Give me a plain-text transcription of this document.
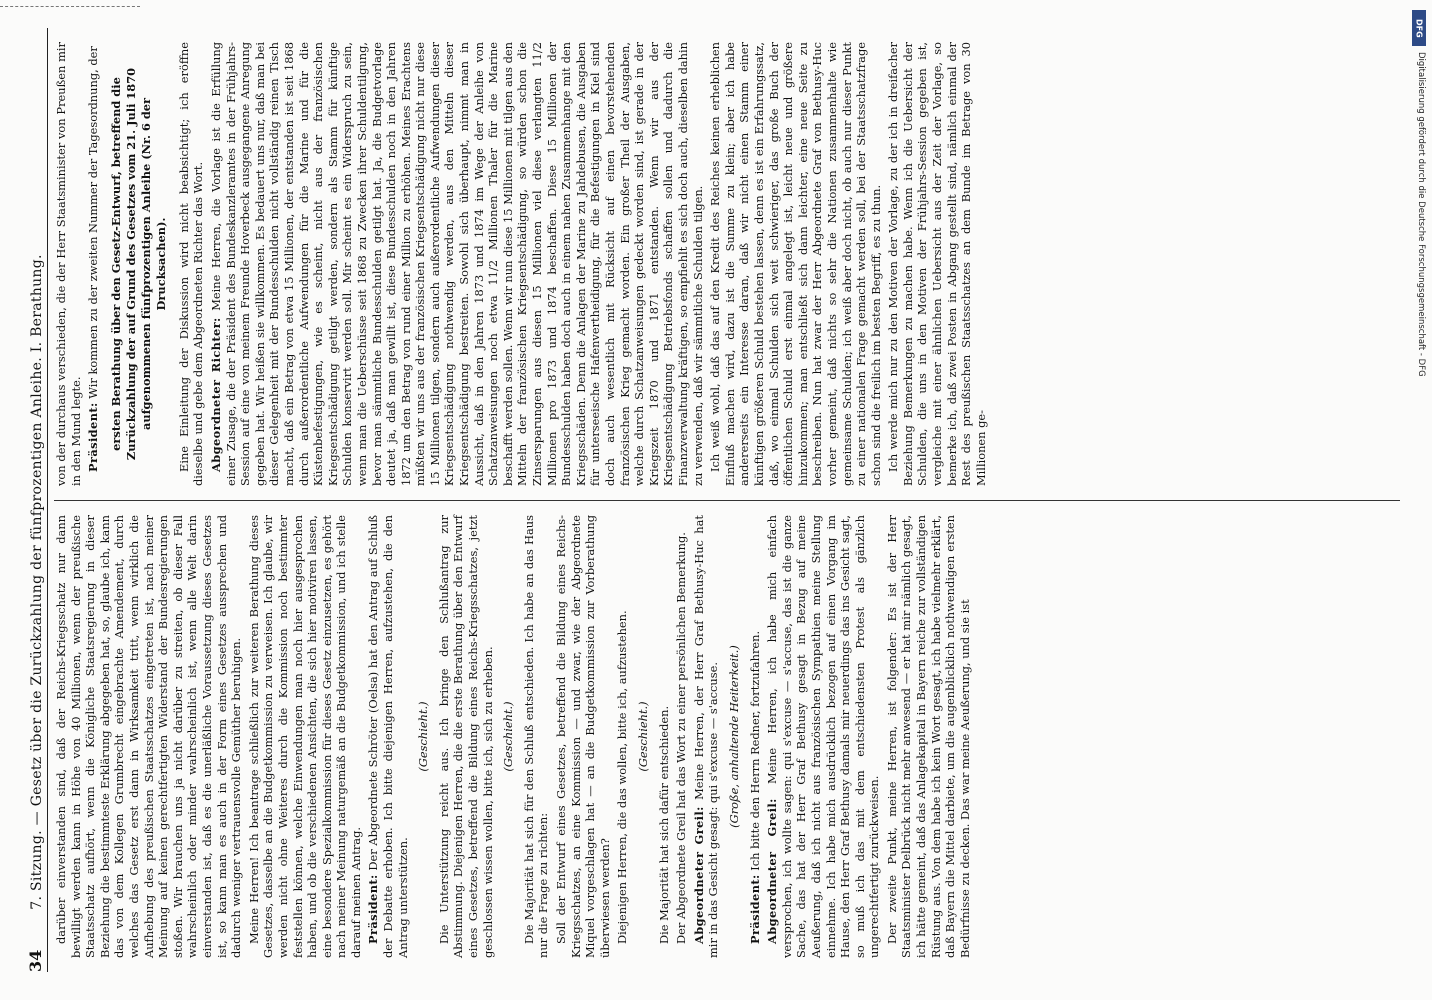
34
7. Sitzung. — Gesetz über die Zurückzahlung der fünfprozentigen Anleihe. I. Berathung. darüber einverstanden sind, daß der Reichs-Kriegsschatz nur dann bewilligt werden kann in Höhe von 40 Millionen, wenn der preußische Staatsschatz aufhört, wenn die Königliche Staatsregierung in dieser Beziehung die bestimmteste Erklärung abgegeben hat, so, glaube ich, kann das von dem Kollegen Grumbrecht eingebrachte Amendement, durch welches das Gesetz erst dann in Wirksamkeit tritt, wenn wirklich die Aufhebung des preußischen Staatsschatzes eingetreten ist, nach meiner Meinung auf keinen gerechtfertigten Widerstand der Bundesregierungen stoßen. Wir brauchen uns ja nicht darüber zu streiten, ob dieser Fall wahrscheinlich oder minder wahrscheinlich ist, wenn alle Welt darin einverstanden ist, daß es die unerläßliche Voraussetzung dieses Gesetzes ist, so kann man es auch in der Form eines Gesetzes aussprechen und dadurch weniger vertrauensvolle Gemüther beruhigen. Meine Herren! Ich beantrage schließlich zur weiteren Berathung dieses Gesetzes, dasselbe an die Budgetkommission zu verweisen. Ich glaube, wir werden nicht ohne Weiteres durch die Kommission noch bestimmter feststellen können, welche Einwendungen man noch hier ausgesprochen haben, und ob die verschiedenen Ansichten, die sich hier motiviren lassen, eine besondere Spezialkommission für dieses Gesetz einzusetzen, es gehört nach meiner Meinung naturgemäß an die Budgetkommission, und ich stelle darauf meinen Antrag. Präsident: Der Abgeordnete Schröter (Oelsa) hat den Antrag auf Schluß der Debatte erhoben. Ich bitte diejenigen Herren, aufzustehen, die den Antrag unterstützen.

(Geschieht.) Die Unterstützung reicht aus. Ich bringe den Schlußantrag zur Abstimmung. Diejenigen Herren, die die erste Berathung über den Entwurf eines Gesetzes, betreffend die Bildung eines Reichs-Kriegsschatzes, jetzt geschlossen wissen wollen, bitte ich, sich zu erheben. (Geschieht.) Die Majorität hat sich für den Schluß entschieden. Ich habe an das Haus nur die Frage zu richten: Soll der Entwurf eines Gesetzes, betreffend die Bildung eines Reichs-Kriegsschatzes, an eine Kommission — und zwar, wie der Abgeordnete Miquel vorgeschlagen hat — an die Budgetkommission zur Vorberathung überwiesen werden? Diejenigen Herren, die das wollen, bitte ich, aufzustehen. (Geschieht.) Die Majorität hat sich dafür entschieden. Der Abgeordnete Greil hat das Wort zu einer persönlichen Bemerkung. Abgeordneter Greil: Meine Herren, der Herr Graf Bethusy-Huc hat mir in das Gesicht gesagt: qui s'excuse — s'accuse. (Große, anhaltende Heiterkeit.)

Präsident: Ich bitte den Herrn Redner, fortzufahren. Abgeordneter Greil: Meine Herren, ich habe mich einfach versprochen, ich wollte sagen: qui s'excuse — s'accuse, das ist die ganze Sache, das hat der Herr Graf Bethusy gesagt in Bezug auf meine Aeußerung, daß ich nicht aus französischen Sympathien meine Stellung einnehme. Ich habe mich ausdrücklich bezogen auf einen Vorgang im Hause, den Herr Graf Bethusy damals mir neuerdings das ins Gesicht sagt, so muß ich das mit dem entschiedensten Protest als gänzlich ungerechtfertigt zurückweisen. Der zweite Punkt, meine Herren, ist folgender: Es ist der Herr Staatsminister Delbrück nicht mehr anwesend — er hat mir nämlich gesagt, ich hätte gemeint, daß das Anlagekapital in Bayern reiche zur vollständigen Rüstung aus. Von dem habe ich kein Wort gesagt, ich habe vielmehr erklärt, daß Bayern die Mittel darbiete, um die augenblicklich nothwendigen ersten Bedürfnisse zu decken. Das war meine Aeußerung, und sie ist

von der durchaus verschieden, die der Herr Staatsminister von Preußen mir in den Mund legte. Präsident: Wir kommen zu der zweiten Nummer der Tagesordnung, der ersten Berathung über den Gesetz-Entwurf, betreffend die Zurückzahlung der auf Grund des Gesetzes vom 21. Juli 1870 aufgenommenen fünfprozentigen Anleihe (Nr. 6 der Drucksachen). Eine Einleitung der Diskussion wird nicht beabsichtigt; ich eröffne dieselbe und gebe dem Abgeordneten Richter das Wort. Abgeordneter Richter: Meine Herren, die Vorlage ist die Erfüllung einer Zusage, die der Präsident des Bundeskanzleramtes in der Frühjahrs-Session auf eine von meinem Freunde Hoverbeck ausgegangene Anregung gegeben hat. Wir heißen sie willkommen. Es bedauert uns nur, daß man bei dieser Gelegenheit mit der Bundesschulden nicht vollständig reinen Tisch macht, daß ein Betrag von etwa 15 Millionen, der entstanden ist seit 1868 durch außerordentliche Aufwendungen für die Marine und für die Küstenbefestigungen, wie es scheint, nicht aus der französischen Kriegsentschädigung getilgt werden, sondern als Stamm für künftige Schulden konservirt werden soll. Mir scheint es ein Widerspruch zu sein, wenn man die Ueberschüsse seit 1868 zu Zwecken ihrer Schuldentilgung, bevor man sämmtliche Bundesschulden getilgt hat. Ja, die Budgetvorlage deutet ja, daß man gewillt ist, diese Bundesschulden noch in den Jahren 1872 um den Betrag von rund einer Million zu erhöhen. Meines Erachtens müßten wir uns aus der französischen Kriegsentschädigung nicht nur diese 15 Millionen tilgen, sondern auch außerordentliche Aufwendungen dieser Kriegsentschädigung nothwendig werden, aus den Mitteln dieser Kriegsentschädigung bestreiten. Sowohl sich überhaupt, nimmt man in Aussicht, daß in den Jahren 1873 und 1874 im Wege der Anleihe von Schatzanweisungen noch etwa 11/2 Millionen Thaler für die Marine beschafft werden sollen. Wenn wir nun diese 15 Millionen mit tilgen aus den Mitteln der französischen Kriegsentschädigung, so würden schon die Zinsersparungen aus diesen 15 Millionen viel diese verlangten 11/2 Millionen pro 1873 und 1874 beschaffen. Diese 15 Millionen der Bundesschulden haben doch auch in einem nahen Zusammenhange mit den Kriegsschäden. Denn die Anlagen der Marine zu Jahdebusen, die Ausgaben für unterseeische Hafenvertheidigung, für die Befestigungen in Kiel sind doch auch wesentlich mit Rücksicht auf einen bevorstehenden französischen Krieg gemacht worden. Ein großer Theil der Ausgaben, welche durch Schatzanweisungen gedeckt worden sind, ist gerade in der Kriegszeit 1870 und 1871 entstanden. Wenn wir aus der Kriegsentschädigung Betriebsfonds schaffen sollen und dadurch die Finanzverwaltung kräftigen, so empfiehlt es sich doch auch, dieselben dahin zu verwenden, daß wir sämmtliche Schulden tilgen. Ich weiß wohl, daß das auf den Kredit des Reiches keinen erheblichen Einfluß machen wird, dazu ist die Summe zu klein; aber ich habe andererseits ein Interesse daran, daß wir nicht einen Stamm einer künftigen größeren Schuld bestehen lassen, denn es ist ein Erfahrungssatz, daß, wo einmal Schulden sich weit schwieriger, das große Buch der öffentlichen Schuld erst einmal angelegt ist, leicht neue und größere hinzukommen; man entschließt sich dann leichter, eine neue Seite zu beschreiben. Nun hat zwar der Herr Abgeordnete Graf von Bethusy-Huc vorher gemeint, daß nichts so sehr die Nationen zusammenhalte wie gemeinsame Schulden; ich weiß aber doch nicht, ob auch nur dieser Punkt zu einer nationalen Frage gemacht werden soll, bei der Staatsschatzfrage schon sind die freilich im besten Begriff, es zu thun. Ich werde mich nur zu den Motiven der Vorlage, zu der ich in dreifacher Beziehung Bemerkungen zu machen habe. Wenn ich die Uebersicht der Schulden, die uns in den Motiven der Frühjahrs-Session gegeben ist, vergleiche mit einer ähnlichen Uebersicht aus der Zeit der Vorlage, so bemerke ich, daß zwei Posten in Abgang gestellt sind, nämlich einmal der Rest des preußischen Staatsschatzes an dem Bunde im Betrage von 30 Millionen ge-

DFG
Digitalisierung gefördert durch die Deutsche Forschungsgemeinschaft - DFG
